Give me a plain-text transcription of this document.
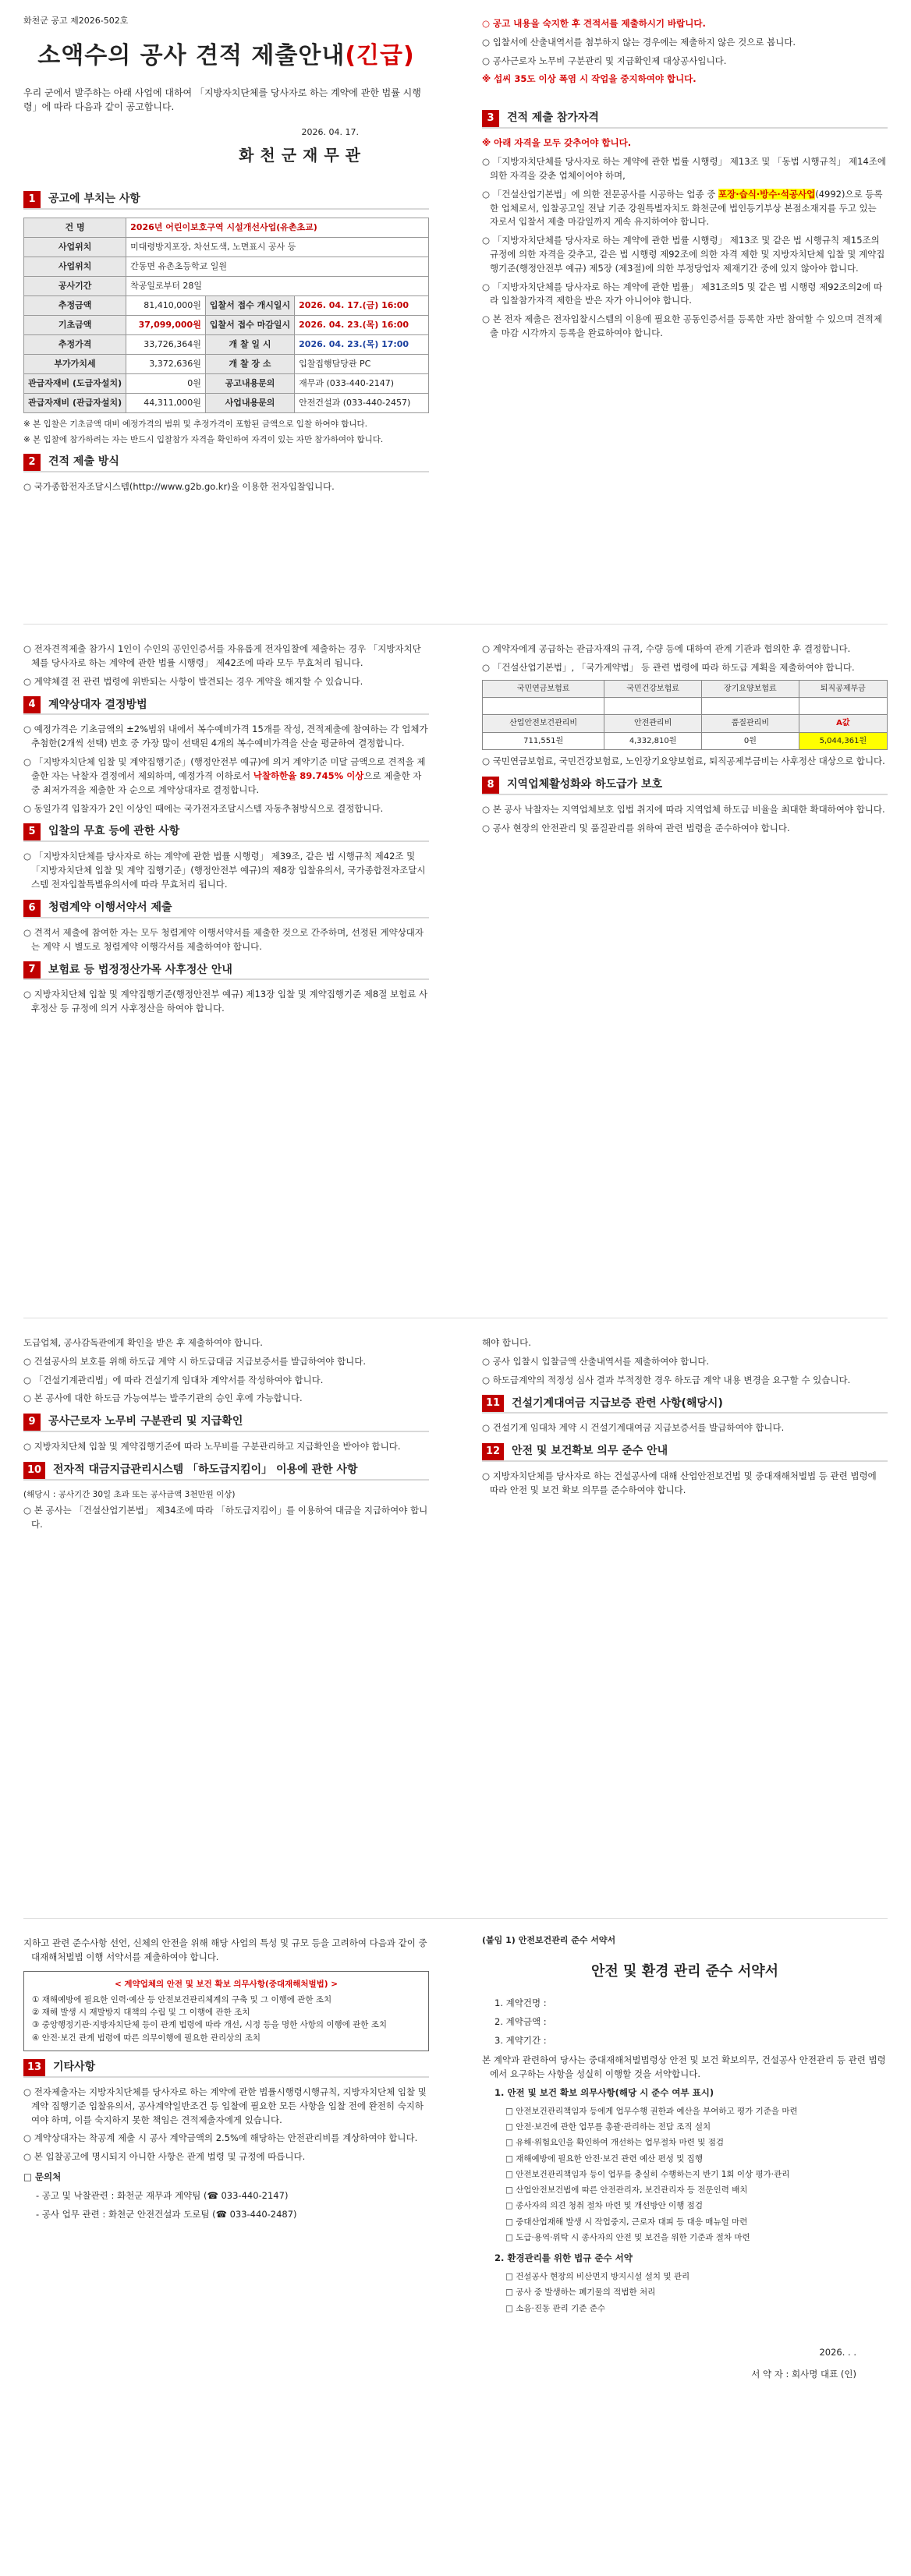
화천군 공고 제2026-502호
소액수의 공사 견적 제출안내(긴급)
우리 군에서 발주하는 아래 사업에 대하여 「지방자치단체를 당사자로 하는 계약에 관한 법률 시행령」에 따라 다음과 같이 공고합니다.
2026. 04. 17.
화천군재무관
1	공고에 부치는 사항
건 명	2026년 어린이보호구역 시설개선사업(유촌초교)		
사업위치	미대령방지포장, 차선도색, 노면표시 공사 등		
사업위치	간동면 유촌초등학교 일원		
공사기간	착공일로부터 28일		
추정금액	81,410,000원	입찰서 접수 개시일시	2026. 04. 17.(금) 16:00
기초금액	37,099,000원	입찰서 접수 마감일시	2026. 04. 23.(목) 16:00
추정가격	33,726,364원	개 찰 일 시	2026. 04. 23.(목) 17:00
부가가치세	3,372,636원	개 찰 장 소	입찰집행담당관 PC
관급자재비 (도급자설치)	0원	공고내용문의	재무과 (033-440-2147)
관급자재비 (관급자설치)	44,311,000원	사업내용문의	안전건설과 (033-440-2457)
※ 본 입찰은 기초금액 대비 예정가격의 범위 및 추정가격이 포함된 금액으로 입찰 하여야 합니다.
※ 본 입찰에 참가하려는 자는 반드시 입찰참가 자격을 확인하여 자격이 있는 자만 참가하여야 합니다.
2	견적 제출 방식
○ 국가종합전자조달시스템(http://www.g2b.go.kr)을 이용한 전자입찰입니다.
○ 공고 내용을 숙지한 후 견적서를 제출하시기 바랍니다.
○ 입찰서에 산출내역서를 첨부하지 않는 경우에는 제출하지 않은 것으로 봅니다.
○ 공사근로자 노무비 구분관리 및 지급확인제 대상공사입니다.
※ 섭씨 35도 이상 폭염 시 작업을 중지하여야 합니다.
3	견적 제출 참가자격
※ 아래 자격을 모두 갖추어야 합니다.
○ 「지방자치단체를 당사자로 하는 계약에 관한 법률 시행령」 제13조 및 「동법 시행규칙」 제14조에 의한 자격을 갖춘 업체이어야 하며,
○ 「건설산업기본법」에 의한 전문공사를 시공하는 업종 중 포장·습식·방수·석공사업(4992)으로 등록한 업체로서, 입찰공고일 전날 기준 강원특별자치도 화천군에 법인등기부상 본점소재지를 두고 있는 자로서 입찰서 제출 마감일까지 계속 유지하여야 합니다.
○ 「지방자치단체를 당사자로 하는 계약에 관한 법률 시행령」 제13조 및 같은 법 시행규칙 제15조의 규정에 의한 자격을 갖추고, 같은 법 시행령 제92조에 의한 자격 제한 및 지방자치단체 입찰 및 계약집행기준(행정안전부 예규) 제5장 (제3절)에 의한 부정당업자 제재기간 중에 있지 않아야 합니다.
○ 「지방자치단체를 당사자로 하는 계약에 관한 법률」 제31조의5 및 같은 법 시행령 제92조의2에 따라 입찰참가자격 제한을 받은 자가 아니어야 합니다.
○ 본 전자 제출은 전자입찰시스템의 이용에 필요한 공동인증서를 등록한 자만 참여할 수 있으며 견적제출 마감 시각까지 등록을 완료하여야 합니다.
○ 전자견적제출 참가시 1인이 수인의 공인인증서를 자유롭게 전자입찰에 제출하는 경우 「지방자치단체를 당사자로 하는 계약에 관한 법률 시행령」 제42조에 따라 모두 무효처리 됩니다.
○ 계약체결 전 관련 법령에 위반되는 사항이 발견되는 경우 계약을 해지할 수 있습니다.
4	계약상대자 결정방법
○ 예정가격은 기초금액의 ±2%범위 내에서 복수예비가격 15개를 작성, 견적제출에 참여하는 각 업체가 추첨한(2개씩 선택) 번호 중 가장 많이 선택된 4개의 복수예비가격을 산술 평균하여 결정합니다.
○ 「지방자치단체 입찰 및 계약집행기준」(행정안전부 예규)에 의거 계약기준 미달 금액으로 견적을 제출한 자는 낙찰자 결정에서 제외하며, 예정가격 이하로서 낙찰하한율 89.745% 이상으로 제출한 자 중 최저가격을 제출한 자 순으로 계약상대자로 결정합니다.
○ 동일가격 입찰자가 2인 이상인 때에는 국가전자조달시스템 자동추첨방식으로 결정합니다.
5	입찰의 무효 등에 관한 사항
○ 「지방자치단체를 당사자로 하는 계약에 관한 법률 시행령」 제39조, 같은 법 시행규칙 제42조 및 「지방자치단체 입찰 및 계약 집행기준」(행정안전부 예규)의 제8장 입찰유의서, 국가종합전자조달시스템 전자입찰특별유의서에 따라 무효처리 됩니다.
6	청렴계약 이행서약서 제출
○ 견적서 제출에 참여한 자는 모두 청렴계약 이행서약서를 제출한 것으로 간주하며, 선정된 계약상대자는 계약 시 별도로 청렴계약 이행각서를 제출하여야 합니다.
7	보험료 등 법정정산가목 사후정산 안내
○ 지방자치단체 입찰 및 계약집행기준(행정안전부 예규) 제13장 입찰 및 계약집행기준 제8절 보험료 사후정산 등 규정에 의거 사후정산을 하여야 합니다.
○ 계약자에게 공급하는 관급자재의 규격, 수량 등에 대하여 관계 기관과 협의한 후 결정합니다.
○ 「건설산업기본법」, 「국가계약법」 등 관련 법령에 따라 하도급 계획을 제출하여야 합니다.
국민연금보험료	국민건강보험료	장기요양보험료	퇴직공제부금

산업안전보건관리비	안전관리비	품질관리비	A값
711,551원	4,332,810원	0원	5,044,361원
○ 국민연금보험료, 국민건강보험료, 노인장기요양보험료, 퇴직공제부금비는 사후정산 대상으로 합니다.
8	지역업체활성화와 하도급가 보호
○ 본 공사 낙찰자는 지역업체보호 입법 취지에 따라 지역업체 하도급 비율을 최대한 확대하여야 합니다.
○ 공사 현장의 안전관리 및 품질관리를 위하여 관련 법령을 준수하여야 합니다.
도급업체, 공사감독관에게 확인을 받은 후 제출하여야 합니다.
○ 건설공사의 보호를 위해 하도급 계약 시 하도급대금 지급보증서를 발급하여야 합니다.
○ 「건설기계관리법」에 따라 건설기계 임대차 계약서를 작성하여야 합니다.
○ 본 공사에 대한 하도급 가능여부는 발주기관의 승인 후에 가능합니다.
9	공사근로자 노무비 구분관리 및 지급확인
○ 지방자치단체 입찰 및 계약집행기준에 따라 노무비를 구분관리하고 지급확인을 받아야 합니다.
10	전자적 대금지급관리시스템 「하도급지킴이」 이용에 관한 사항
(해당시 : 공사기간 30일 초과 또는 공사금액 3천만원 이상)
○ 본 공사는 「건설산업기본법」 제34조에 따라 「하도급지킴이」를 이용하여 대금을 지급하여야 합니다.
해야 합니다.
○ 공사 입찰시 입찰금액 산출내역서를 제출하여야 합니다.
○ 하도급계약의 적정성 심사 결과 부적정한 경우 하도급 계약 내용 변경을 요구할 수 있습니다.
11	건설기계대여금 지급보증 관련 사항(해당시)
○ 건설기계 임대차 계약 시 건설기계대여금 지급보증서를 발급하여야 합니다.
12	안전 및 보건확보 의무 준수 안내
○ 지방자치단체를 당사자로 하는 건설공사에 대해 산업안전보건법 및 중대재해처벌법 등 관련 법령에 따라 안전 및 보건 확보 의무를 준수하여야 합니다.
지하고 관련 준수사항 선언, 신체의 안전을 위해 해당 사업의 특성 및 규모 등을 고려하여 다음과 같이 중대재해처벌법 이행 서약서를 제출하여야 합니다.
< 계약업체의 안전 및 보건 확보 의무사항(중대재해처벌법) >
① 재해예방에 필요한 인력·예산 등 안전보건관리체계의 구축 및 그 이행에 관한 조치
② 재해 발생 시 재발방지 대책의 수립 및 그 이행에 관한 조치
③ 중앙행정기관·지방자치단체 등이 관계 법령에 따라 개선, 시정 등을 명한 사항의 이행에 관한 조치
④ 안전·보건 관계 법령에 따른 의무이행에 필요한 관리상의 조치
13	기타사항
○ 전자제출자는 지방자치단체를 당사자로 하는 계약에 관한 법률시행령시행규칙, 지방자치단체 입찰 및 계약 집행기준 입찰유의서, 공사계약일반조건 등 입찰에 필요한 모든 사항을 입찰 전에 완전히 숙지하여야 하며, 이를 숙지하지 못한 책임은 견적제출자에게 있습니다.
○ 계약상대자는 착공계 제출 시 공사 계약금액의 2.5%에 해당하는 안전관리비를 계상하여야 합니다.
○ 본 입찰공고에 명시되지 아니한 사항은 관계 법령 및 규정에 따릅니다.
□ 문의처
- 공고 및 낙찰관련 : 화천군 재무과 계약팀 (☎ 033-440-2147)
- 공사 업무 관련 : 화천군 안전건설과 도로팀 (☎ 033-440-2487)
(붙임 1) 안전보건관리 준수 서약서
안전 및 환경 관리 준수 서약서
1. 계약건명 :
2. 계약금액 :
3. 계약기간 :
본 계약과 관련하여 당사는 중대재해처벌법령상 안전 및 보건 확보의무, 건설공사 안전관리 등 관련 법령에서 요구하는 사항을 성실히 이행할 것을 서약합니다.
1. 안전 및 보건 확보 의무사항(해당 시 준수 여부 표시)
□ 안전보건관리책임자 등에게 업무수행 권한과 예산을 부여하고 평가 기준을 마련
□ 안전·보건에 관한 업무를 총괄·관리하는 전담 조직 설치
□ 유해·위험요인을 확인하여 개선하는 업무절차 마련 및 점검
□ 재해예방에 필요한 안전·보건 관련 예산 편성 및 집행
□ 안전보건관리책임자 등이 업무를 충실히 수행하는지 반기 1회 이상 평가·관리
□ 산업안전보건법에 따른 안전관리자, 보건관리자 등 전문인력 배치
□ 종사자의 의견 청취 절차 마련 및 개선방안 이행 점검
□ 중대산업재해 발생 시 작업중지, 근로자 대피 등 대응 매뉴얼 마련
□ 도급·용역·위탁 시 종사자의 안전 및 보건을 위한 기준과 절차 마련
2. 환경관리를 위한 법규 준수 서약
□ 건설공사 현장의 비산먼지 방지시설 설치 및 관리
□ 공사 중 발생하는 폐기물의 적법한 처리
□ 소음·진동 관리 기준 준수
2026. . .
서 약 자 : 회사명 대표 (인)
